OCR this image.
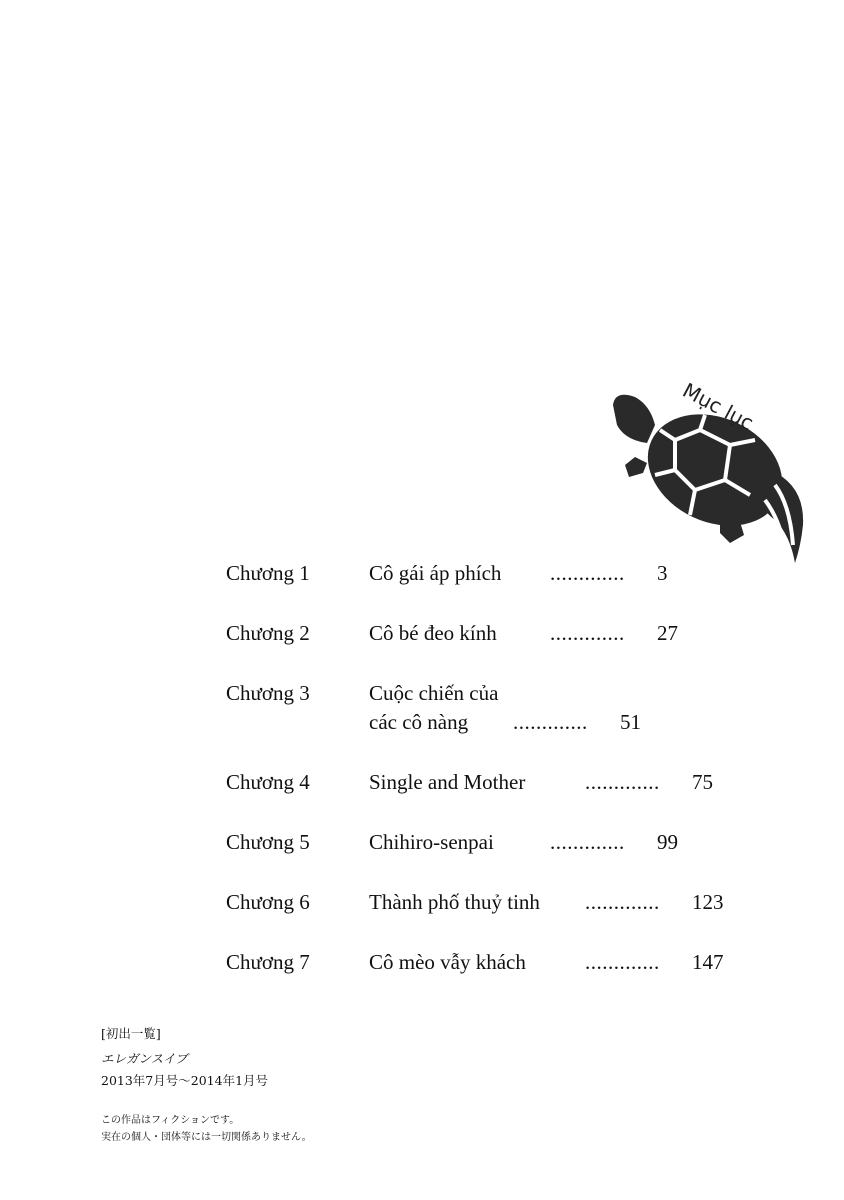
Mục lục
Chương 1	Cô gái áp phích ............. 3
Chương 2	Cô bé đeo kính	............. 27
Chương 3	Cuộc chiến của
các cô nàng ............. 51
Chương 4	Single and Mother	............. 75
Chương 5	Chihiro-senpai	............. 99
Chương 6	Thành phố thuỷ tinh ............. 123
Chương 7	Cô mèo vẫy khách	............. 147
[初出一覧]
エレガンスイブ
2013年7月号～2014年1月号
この作品はフィクションです。
実在の個人・団体等には一切関係ありません。
